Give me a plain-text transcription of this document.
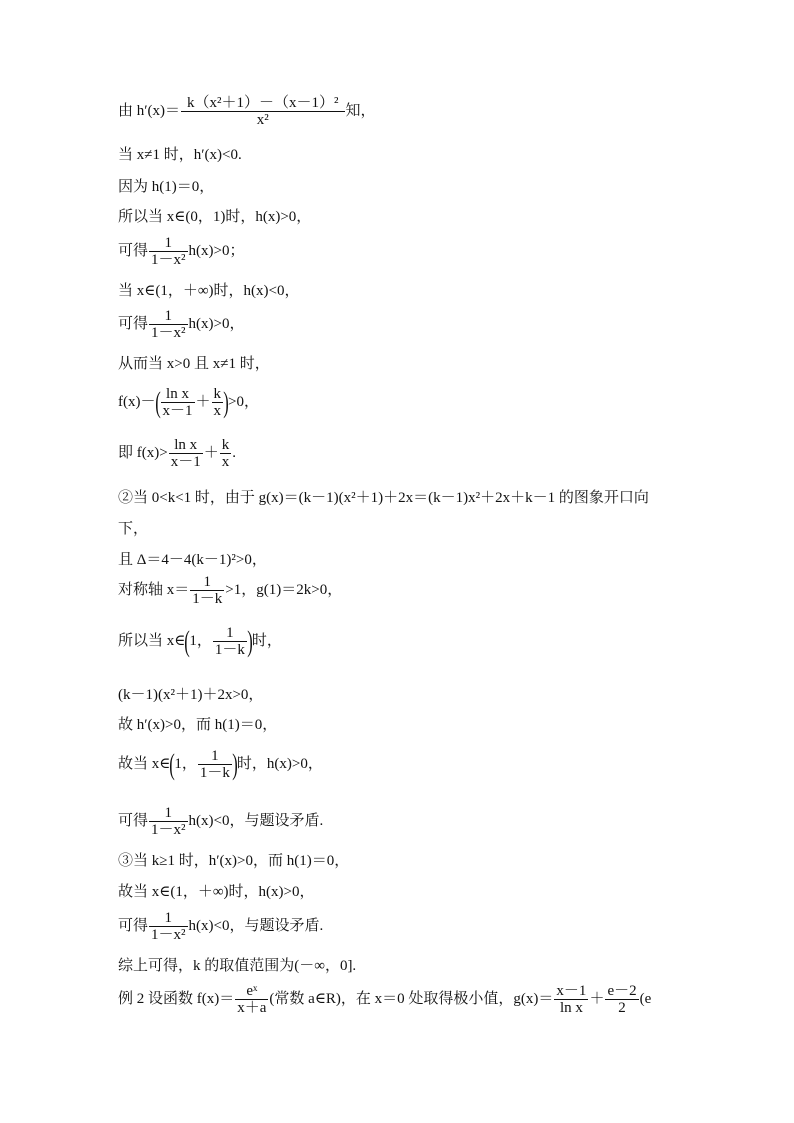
由 $h'(x)= \frac{\text{k（x²＋1）－（x－1）²}}{\text{x²}}$ 知，
当 x≠1 时，h′(x)<0.
因为 h(1)＝0，
所以当 x∈(0，1)时，h(x)>0，
可得 $\frac{1}{\text{1－x²}} h(x)>0$；
当 x∈(1，＋∞)时，h(x)<0，
可得 $\frac{1}{\text{1－x²}} h(x)>0$，
从而当 x>0 且 x≠1 时，
$f(x)-( \frac{\text{ln x}}{x-1} + \frac{k}{x} )>0$，
即 $f(x)> \frac{\text{ln x}}{x-1} + \frac{k}{x}$ .
②当 0<k<1 时，由于 g(x)＝(k－1)(x²＋1)＋2x＝(k－1)x²＋2x＋k－1 的图象开口向
下，
且 Δ＝4－4(k－1)²>0，
对称轴 $x= \frac{1}{1-k} >1$，g(1)＝2k>0，
所以当 x∈(1， $\frac{1}{1-k}$ )时，
(k－1)(x²＋1)＋2x>0，
故 h′(x)>0，而 h(1)＝0，
故当 x∈(1， $\frac{1}{1-k}$ )时，h(x)>0，
可得 $\frac{1}{\text{1－x²}} h(x)<0$，与题设矛盾.
③当 k≥1 时，h′(x)>0，而 h(1)＝0，
故当 x∈(1，＋∞)时，h(x)>0，
可得 $\frac{1}{\text{1－x²}} h(x)<0$，与题设矛盾.
综上可得，k 的取值范围为(－∞，0].
例 2 设函数 $f(x)= \frac{\text{eˣ}}{x+a}$ (常数 a∈R)，在 x＝0 处取得极小值，$g(x)= \frac{x-1}{\text{ln x}} + \frac{e-2}{2} (e$
